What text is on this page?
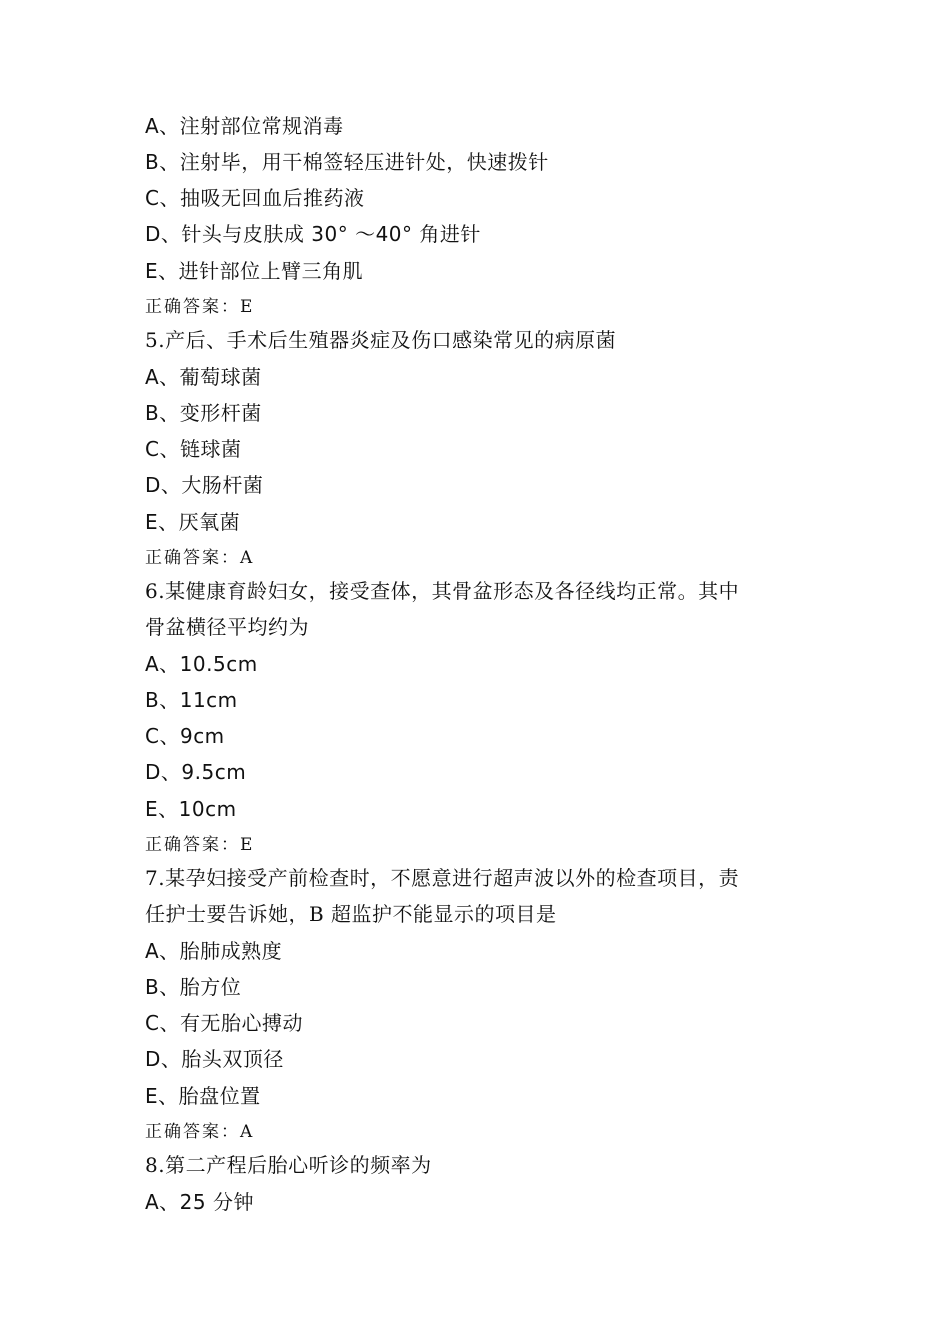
A、注射部位常规消毒
B、注射毕，用干棉签轻压进针处，快速拨针
C、抽吸无回血后推药液
D、针头与皮肤成 30° ～40° 角进针
E、进针部位上臂三角肌
正确答案：E
5.产后、手术后生殖器炎症及伤口感染常见的病原菌
A、葡萄球菌
B、变形杆菌
C、链球菌
D、大肠杆菌
E、厌氧菌
正确答案：A
6.某健康育龄妇女，接受查体，其骨盆形态及各径线均正常。其中
骨盆横径平均约为
A、10.5cm
B、11cm
C、9cm
D、9.5cm
E、10cm
正确答案：E
7.某孕妇接受产前检查时，不愿意进行超声波以外的检查项目，责
任护士要告诉她，B 超监护不能显示的项目是
A、胎肺成熟度
B、胎方位
C、有无胎心搏动
D、胎头双顶径
E、胎盘位置
正确答案：A
8.第二产程后胎心听诊的频率为
A、25 分钟
